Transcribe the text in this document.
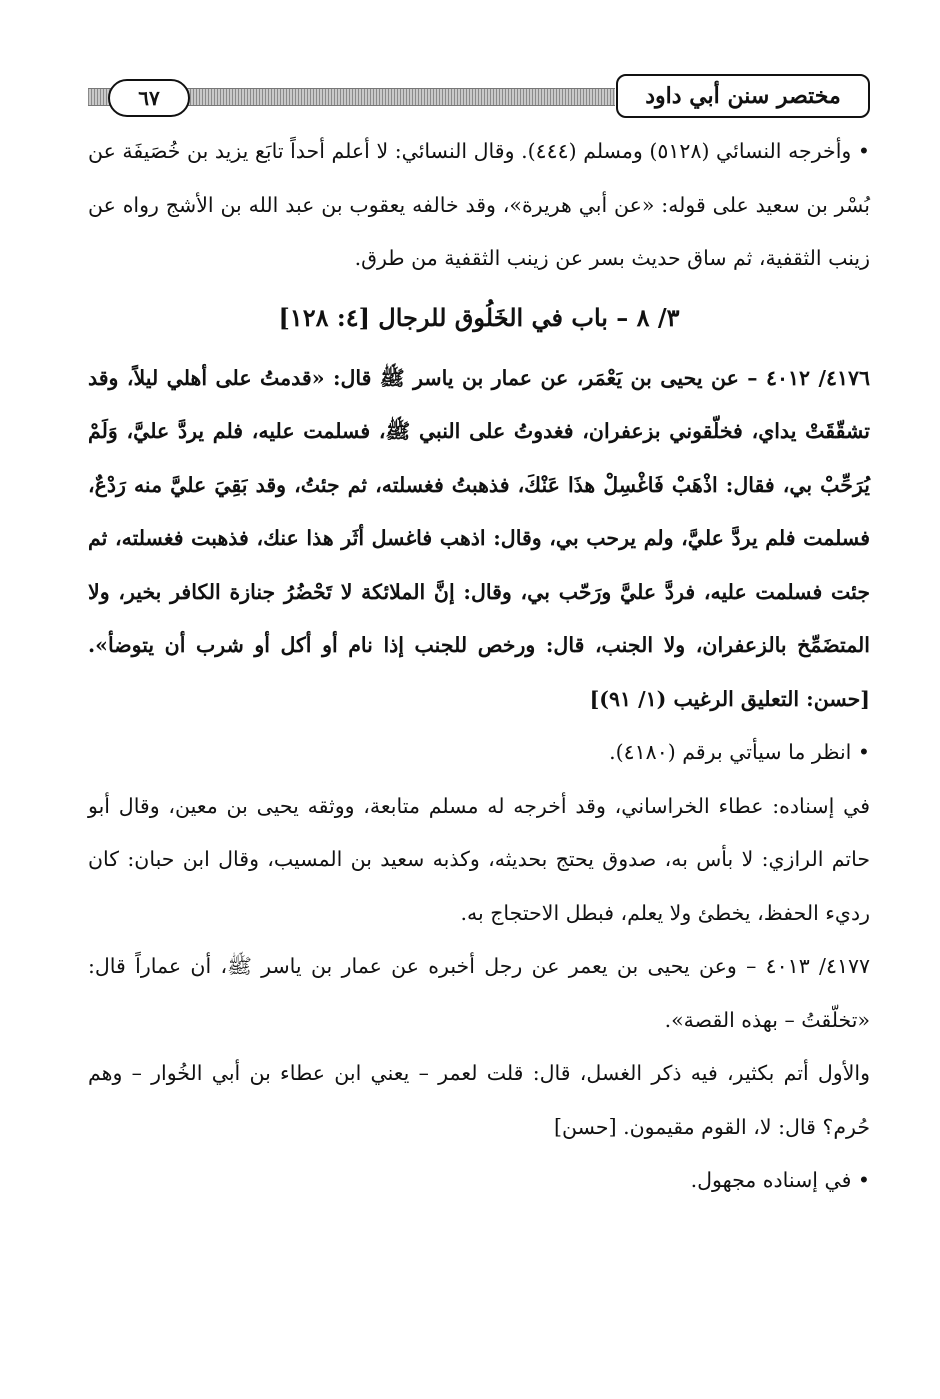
٦٧	مختصر سنن أبي داود

• وأخرجه النسائي (٥١٢٨) ومسلم (٤٤٤). وقال النسائي: لا أعلم أحداً تابَع يزيد بن خُصَيفَة عن بُسْر بن سعيد على قوله: «عن أبي هريرة»، وقد خالفه يعقوب بن عبد الله بن الأشج رواه عن زينب الثقفية، ثم ساق حديث بسر عن زينب الثقفية من طرق.

٣/ ٨ – باب في الخَلُوق للرجال [٤: ١٢٨]

٤١٧٦/ ٤٠١٢ – عن يحيى بن يَعْمَر، عن عمار بن ياسر ﷺ قال: «قدمتُ على أهلي ليلاً، وقد تشقّقَتْ يداي، فخلّقوني بزعفران، فغدوتُ على النبي ﷺ، فسلمت عليه، فلم يردَّ عليَّ، وَلَمْ يُرَحِّبْ بي، فقال: اذْهَبْ فَاغْسِلْ هذَا عَنْكَ، فذهبتُ فغسلته، ثم جئتُ، وقد بَقِيَ عليَّ منه رَدْعٌ، فسلمت فلم يردَّ عليَّ، ولم يرحب بي، وقال: اذهب فاغسل أثَر هذا عنك، فذهبت فغسلته، ثم جئت فسلمت عليه، فردَّ عليَّ ورَحّب بي، وقال: إنَّ الملائكة لا تَحْضُرُ جنازة الكافر بخير، ولا المتضَمِّخ بالزعفران، ولا الجنب، قال: ورخص للجنب إذا نام أو أكل أو شرب أن يتوضأ». [حسن: التعليق الرغيب (١/ ٩١)]

• انظر ما سيأتي برقم (٤١٨٠).

في إسناده: عطاء الخراساني، وقد أخرجه له مسلم متابعة، ووثقه يحيى بن معين، وقال أبو حاتم الرازي: لا بأس به، صدوق يحتج بحديثه، وكذبه سعيد بن المسيب، وقال ابن حبان: كان رديء الحفظ، يخطئ ولا يعلم، فبطل الاحتجاج به.

٤١٧٧/ ٤٠١٣ – وعن يحيى بن يعمر عن رجل أخبره عن عمار بن ياسر ﷺ، أن عماراً قال: «تخلّقتُ – بهذه القصة».

والأول أتم بكثير، فيه ذكر الغسل، قال: قلت لعمر – يعني ابن عطاء بن أبي الخُوار – وهم حُرم؟ قال: لا، القوم مقيمون. [حسن]

• في إسناده مجهول.
